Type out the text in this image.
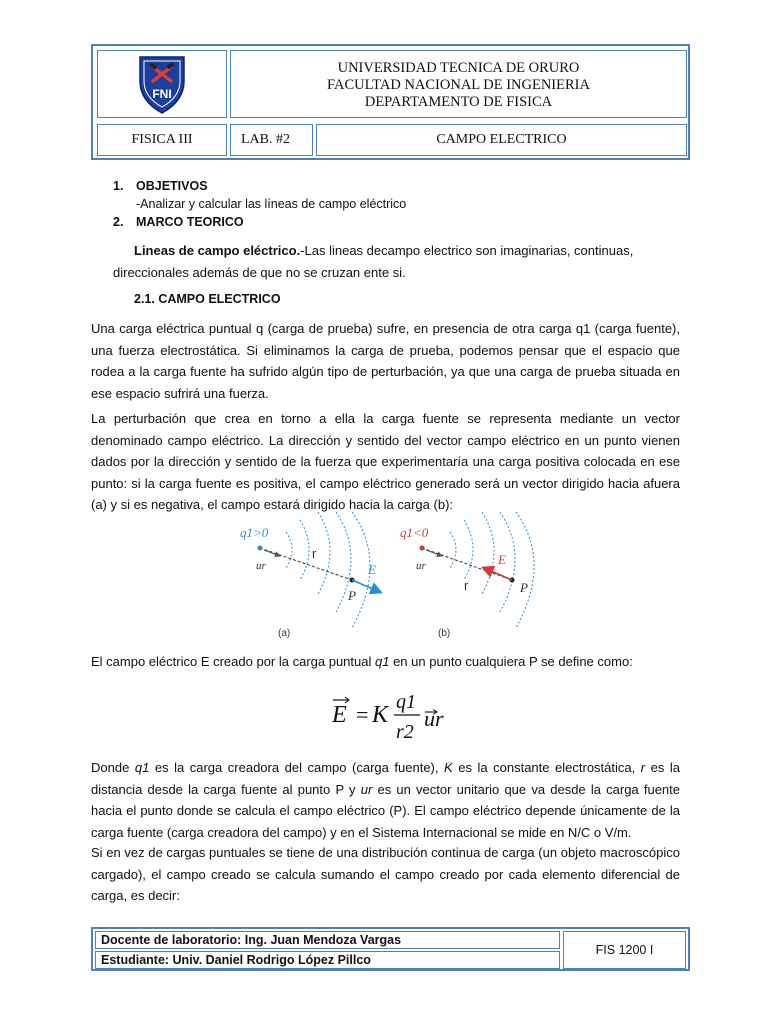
FNI
UNIVERSIDAD TECNICA DE ORURO
FACULTAD NACIONAL DE INGENIERIA
DEPARTAMENTO DE FISICA
FISICA III	LAB. #2	CAMPO ELECTRICO
1. OBJETIVOS
-Analizar y calcular las líneas de campo eléctrico
2. MARCO TEORICO
Lineas de campo eléctrico.-Las lineas decampo electrico son imaginarias, continuas,
direccionales además de que no se cruzan ente si.
2.1. CAMPO ELECTRICO
Una carga eléctrica puntual q (carga de prueba) sufre, en presencia de otra carga q1 (carga fuente), una fuerza electrostática. Si eliminamos la carga de prueba, podemos pensar que el espacio que rodea a la carga fuente ha sufrido algún tipo de perturbación, ya que una carga de prueba situada en ese espacio sufrirá una fuerza.
La perturbación que crea en torno a ella la carga fuente se representa mediante un vector denominado campo eléctrico. La dirección y sentido del vector campo eléctrico en un punto vienen dados por la dirección y sentido de la fuerza que experimentaría una carga positiva colocada en ese punto: si la carga fuente es positiva, el campo eléctrico generado será un vector dirigido hacia afuera (a) y si es negativa, el campo estará dirigido hacia la carga (b):
q1>0
ur
r
E
P
(a)
q1<0
ur
r
E
P
(b)
El campo eléctrico E creado por la carga puntual q1 en un punto cualquiera P se define como:
E = K q1
r2
ur
Donde q1 es la carga creadora del campo (carga fuente), K es la constante electrostática, r es la distancia desde la carga fuente al punto P y ur es un vector unitario que va desde la carga fuente hacia el punto donde se calcula el campo eléctrico (P). El campo eléctrico depende únicamente de la carga fuente (carga creadora del campo) y en el Sistema Internacional se mide en N/C o V/m.
Si en vez de cargas puntuales se tiene de una distribución continua de carga (un objeto macroscópico cargado), el campo creado se calcula sumando el campo creado por cada elemento diferencial de carga, es decir:
Docente de laboratorio: Ing. Juan Mendoza Vargas
Estudiante: Univ. Daniel Rodrigo López Pillco
FIS 1200 I
